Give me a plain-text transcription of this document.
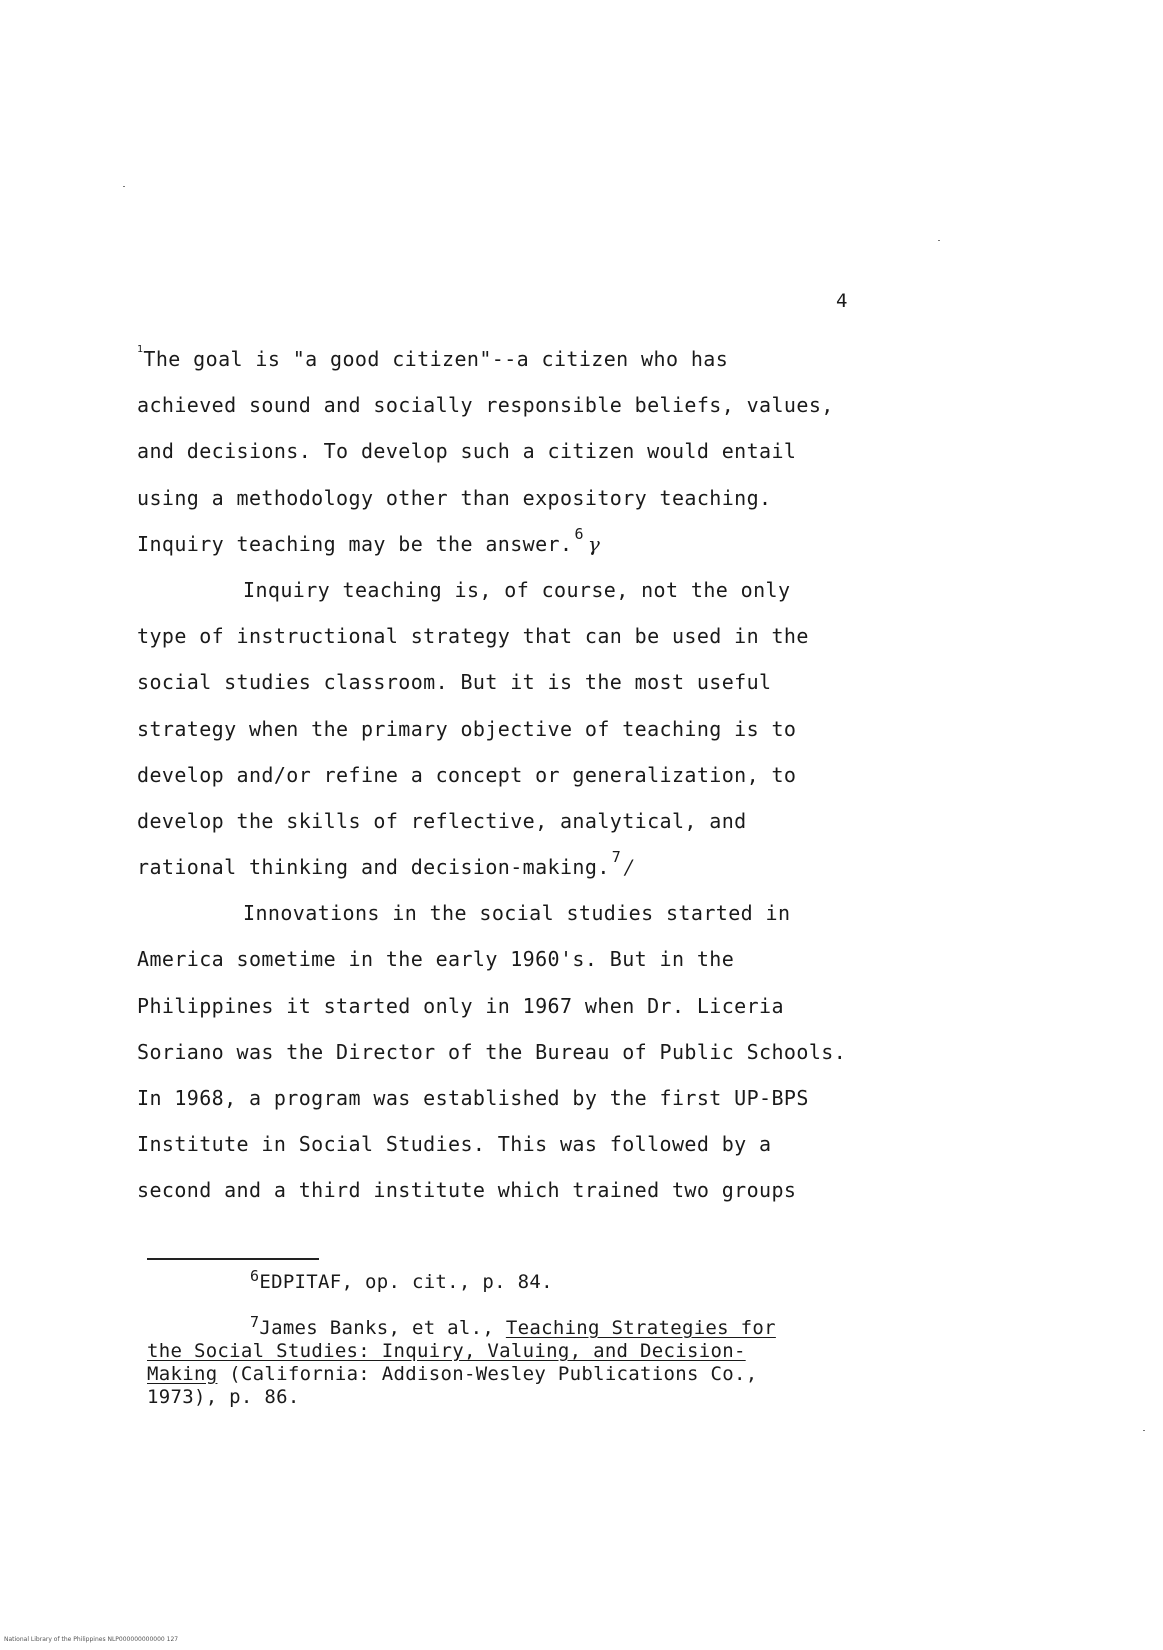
4
$^1$The goal is "a good citizen"--a citizen who has
achieved sound and socially responsible beliefs, values,
and decisions. To develop such a citizen would entail
using a methodology other than expository teaching.
Inquiry teaching may be the answer. $^6$ γ
Inquiry teaching is, of course, not the only
type of instructional strategy that can be used in the
social studies classroom. But it is the most useful
strategy when the primary objective of teaching is to
develop and/or refine a concept or generalization, to
develop the skills of reflective, analytical, and
rational thinking and decision-making. $^7$ /
Innovations in the social studies started in
America sometime in the early 1960's. But in the
Philippines it started only in 1967 when Dr. Liceria
Soriano was the Director of the Bureau of Public Schools.
In 1968, a program was established by the first UP-BPS
Institute in Social Studies. This was followed by a
second and a third institute which trained two groups
$^6$EDPITAF, op. cit., p. 84.
$^7$James Banks, et al., Teaching Strategies for
the Social Studies: Inquiry, Valuing, and Decision-
Making (California: Addison-Wesley Publications Co.,
1973), p. 86.
National Library of the Philippines NLP000000000000 127
